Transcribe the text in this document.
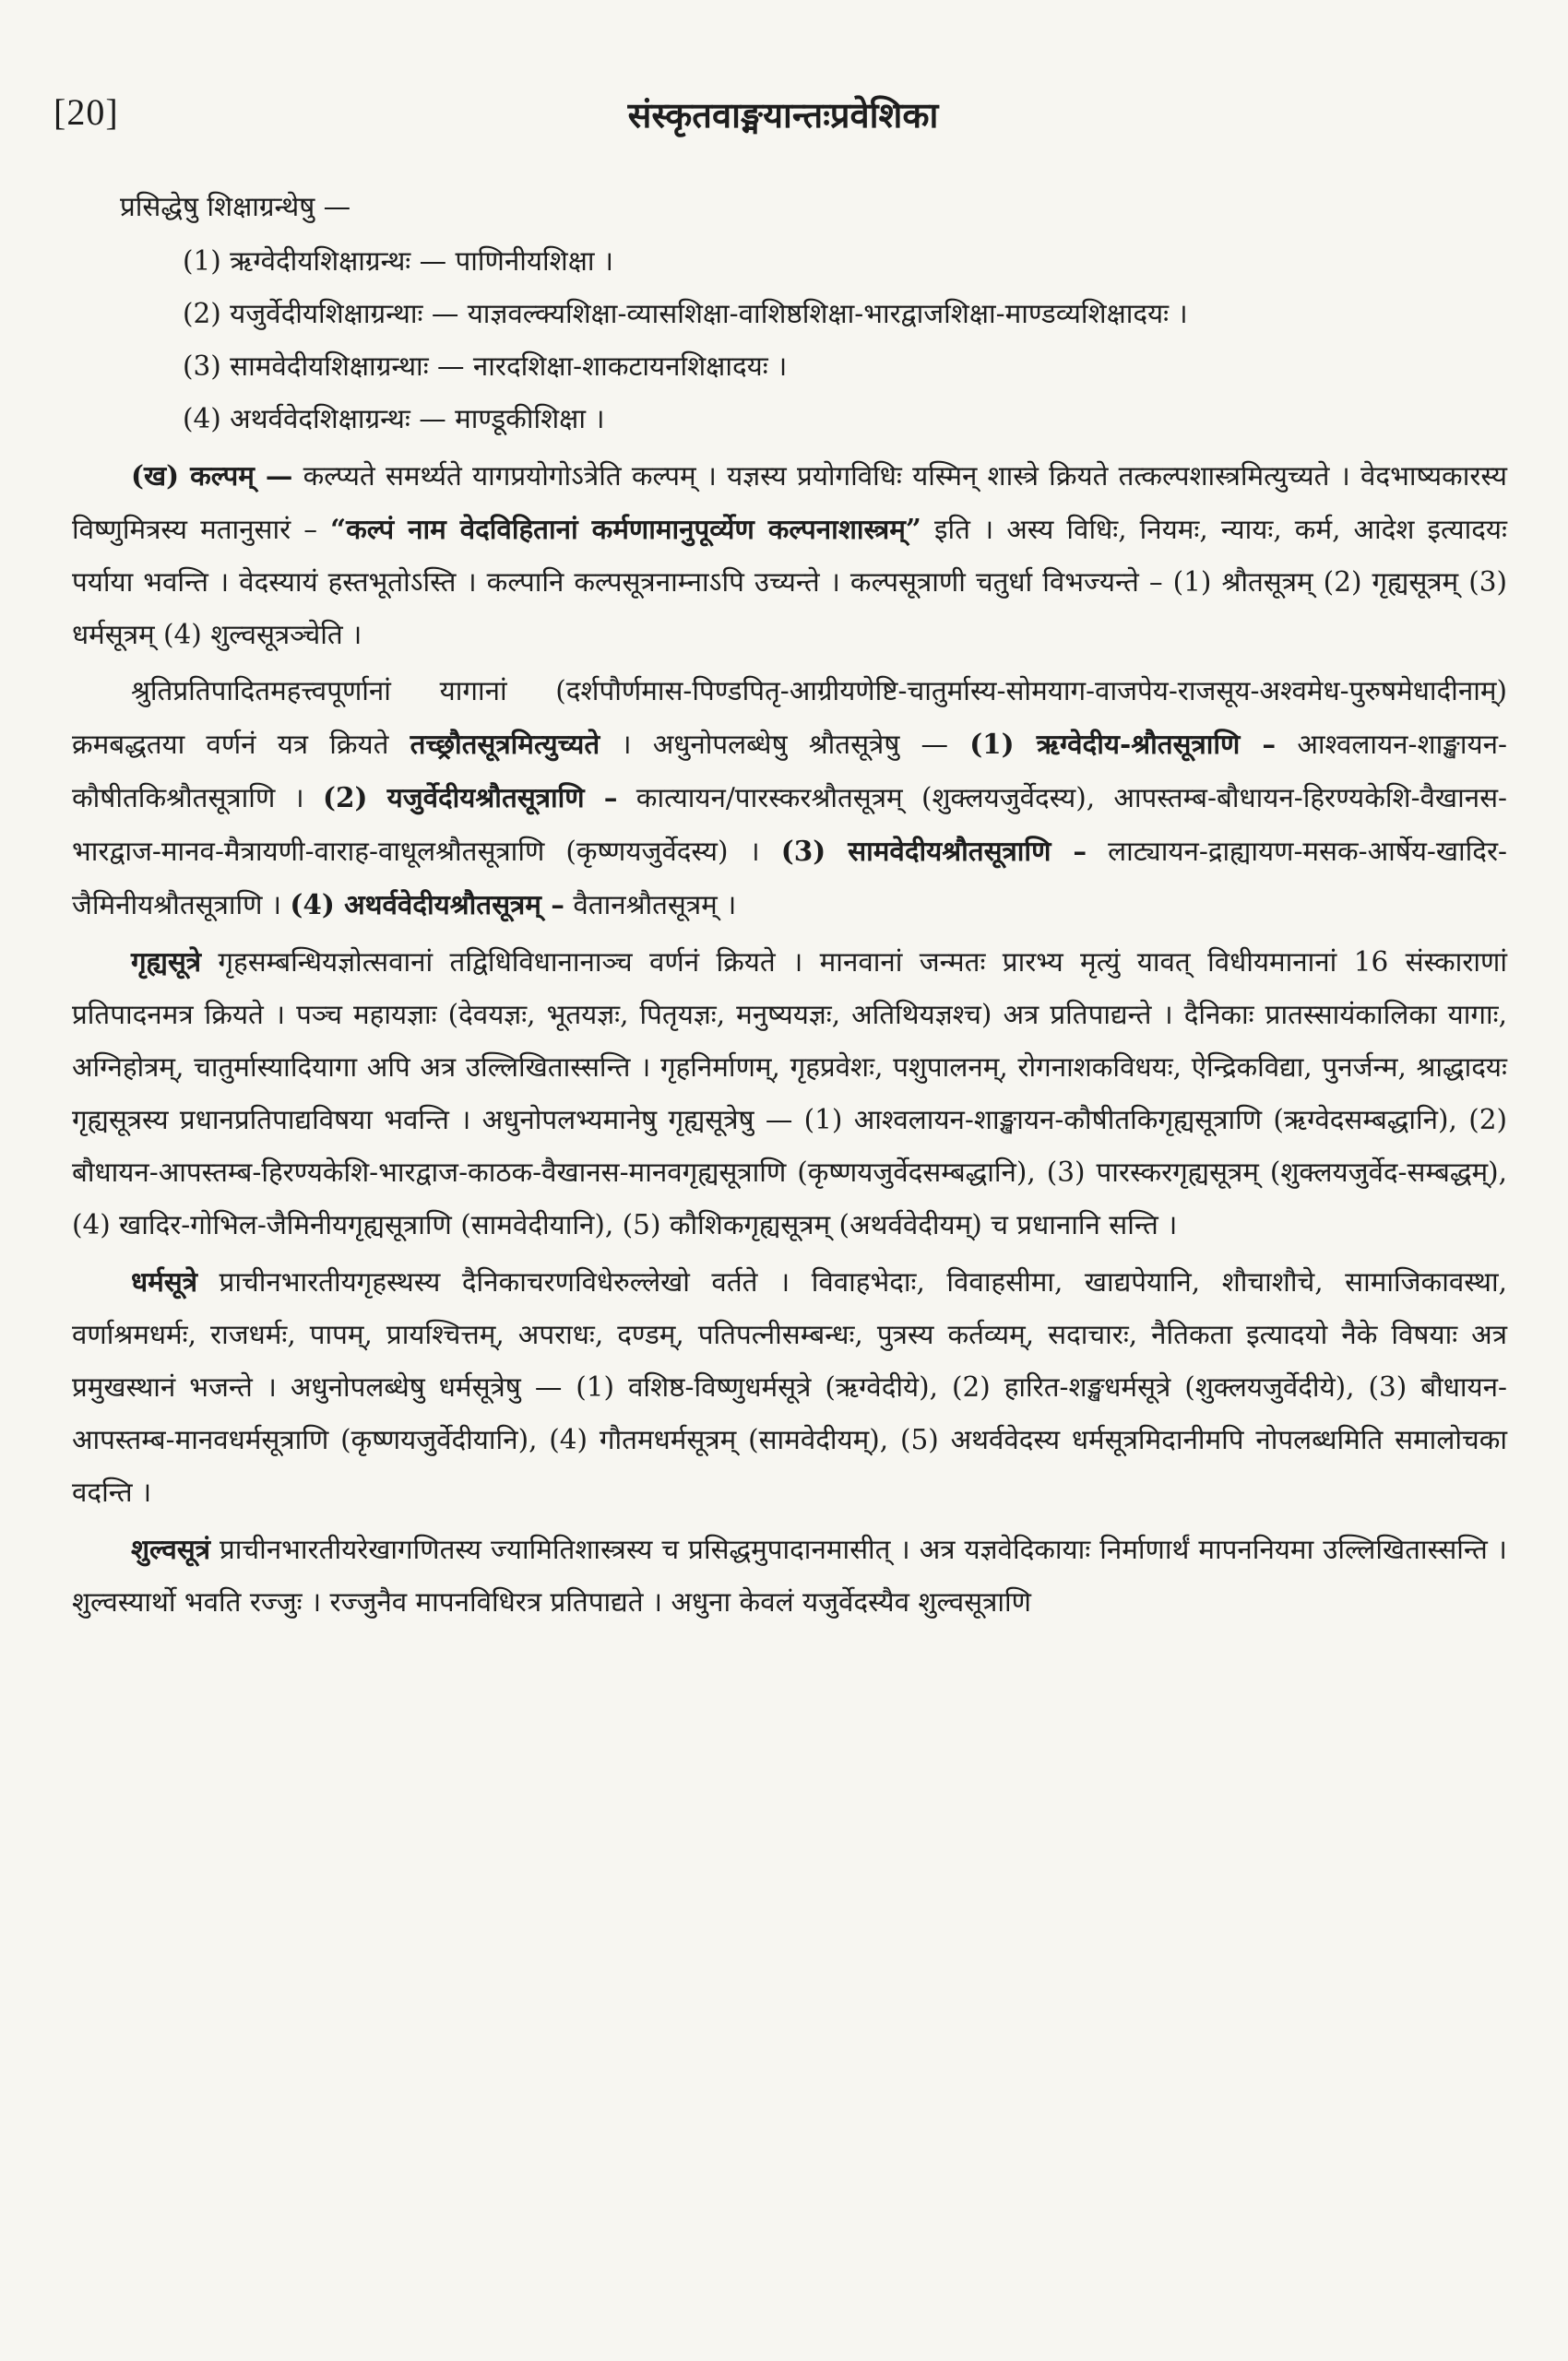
[20]	संस्कृतवाङ्मयान्तःप्रवेशिका

प्रसिद्धेषु शिक्षाग्रन्थेषु —

(1) ऋग्वेदीयशिक्षाग्रन्थः — पाणिनीयशिक्षा ।

(2) यजुर्वेदीयशिक्षाग्रन्थाः — याज्ञवल्क्यशिक्षा-व्यासशिक्षा-वाशिष्ठशिक्षा-भारद्वाजशिक्षा-माण्डव्यशिक्षादयः ।

(3) सामवेदीयशिक्षाग्रन्थाः — नारदशिक्षा-शाकटायनशिक्षादयः ।

(4) अथर्ववेदशिक्षाग्रन्थः — माण्डूकीशिक्षा ।

(ख) कल्पम् — कल्प्यते समर्थ्यते यागप्रयोगोऽत्रेति कल्पम् । यज्ञस्य प्रयोगविधिः यस्मिन् शास्त्रे क्रियते तत्कल्पशास्त्रमित्युच्यते । वेदभाष्यकारस्य विष्णुमित्रस्य मतानुसारं – “कल्पं नाम वेदविहितानां कर्मणामानुपूर्व्येण कल्पनाशास्त्रम्” इति । अस्य विधिः, नियमः, न्यायः, कर्म, आदेश इत्यादयः पर्याया भवन्ति । वेदस्यायं हस्तभूतोऽस्ति । कल्पानि कल्पसूत्रनाम्नाऽपि उच्यन्ते । कल्पसूत्राणी चतुर्धा विभज्यन्ते – (1) श्रौतसूत्रम् (2) गृह्यसूत्रम् (3) धर्मसूत्रम् (4) शुल्वसूत्रञ्चेति ।

श्रुतिप्रतिपादितमहत्त्वपूर्णानां यागानां (दर्शपौर्णमास-पिण्डपितृ-आग्रीयणेष्टि-चातुर्मास्य-सोमयाग-वाजपेय-राजसूय-अश्वमेध-पुरुषमेधादीनाम्) क्रमबद्धतया वर्णनं यत्र क्रियते तच्छ्रौतसूत्रमित्युच्यते । अधुनोपलब्धेषु श्रौतसूत्रेषु — (1) ऋग्वेदीय-श्रौतसूत्राणि – आश्वलायन-शाङ्खायन-कौषीतकिश्रौतसूत्राणि । (2) यजुर्वेदीयश्रौतसूत्राणि – कात्यायन/पारस्करश्रौतसूत्रम् (शुक्लयजुर्वेदस्य), आपस्तम्ब-बौधायन-हिरण्यकेशि-वैखानस-भारद्वाज-मानव-मैत्रायणी-वाराह-वाधूलश्रौतसूत्राणि (कृष्णयजुर्वेदस्य) । (3) सामवेदीयश्रौतसूत्राणि – लाट्यायन-द्राह्यायण-मसक-आर्षेय-खादिर-जैमिनीयश्रौतसूत्राणि । (4) अथर्ववेदीयश्रौतसूत्रम् – वैतानश्रौतसूत्रम् ।

गृह्यसूत्रे गृहसम्बन्धियज्ञोत्सवानां तद्विधिविधानानाञ्च वर्णनं क्रियते । मानवानां जन्मतः प्रारभ्य मृत्युं यावत् विधीयमानानां 16 संस्काराणां प्रतिपादनमत्र क्रियते । पञ्च महायज्ञाः (देवयज्ञः, भूतयज्ञः, पितृयज्ञः, मनुष्ययज्ञः, अतिथियज्ञश्च) अत्र प्रतिपाद्यन्ते । दैनिकाः प्रातस्सायंकालिका यागाः, अग्निहोत्रम्, चातुर्मास्यादियागा अपि अत्र उल्लिखितास्सन्ति । गृहनिर्माणम्, गृहप्रवेशः, पशुपालनम्, रोगनाशकविधयः, ऐन्द्रिकविद्या, पुनर्जन्म, श्राद्धादयः गृह्यसूत्रस्य प्रधानप्रतिपाद्यविषया भवन्ति । अधुनोपलभ्यमानेषु गृह्यसूत्रेषु — (1) आश्वलायन-शाङ्खायन-कौषीतकिगृह्यसूत्राणि (ऋग्वेदसम्बद्धानि), (2) बौधायन-आपस्तम्ब-हिरण्यकेशि-भारद्वाज-काठक-वैखानस-मानवगृह्यसूत्राणि (कृष्णयजुर्वेदसम्बद्धानि), (3) पारस्करगृह्यसूत्रम् (शुक्लयजुर्वेद-सम्बद्धम्), (4) खादिर-गोभिल-जैमिनीयगृह्यसूत्राणि (सामवेदीयानि), (5) कौशिकगृह्यसूत्रम् (अथर्ववेदीयम्) च प्रधानानि सन्ति ।

धर्मसूत्रे प्राचीनभारतीयगृहस्थस्य दैनिकाचरणविधेरुल्लेखो वर्तते । विवाहभेदाः, विवाहसीमा, खाद्यपेयानि, शौचाशौचे, सामाजिकावस्था, वर्णाश्रमधर्मः, राजधर्मः, पापम्, प्रायश्चित्तम्, अपराधः, दण्डम्, पतिपत्नीसम्बन्धः, पुत्रस्य कर्तव्यम्, सदाचारः, नैतिकता इत्यादयो नैके विषयाः अत्र प्रमुखस्थानं भजन्ते । अधुनोपलब्धेषु धर्मसूत्रेषु — (1) वशिष्ठ-विष्णुधर्मसूत्रे (ऋग्वेदीये), (2) हारित-शङ्खधर्मसूत्रे (शुक्लयजुर्वेदीये), (3) बौधायन-आपस्तम्ब-मानवधर्मसूत्राणि (कृष्णयजुर्वेदीयानि), (4) गौतमधर्मसूत्रम् (सामवेदीयम्), (5) अथर्ववेदस्य धर्मसूत्रमिदानीमपि नोपलब्धमिति समालोचका वदन्ति ।

शुल्वसूत्रं प्राचीनभारतीयरेखागणितस्य ज्यामितिशास्त्रस्य च प्रसिद्धमुपादानमासीत् । अत्र यज्ञवेदिकायाः निर्माणार्थं मापननियमा उल्लिखितास्सन्ति । शुल्वस्यार्थो भवति रज्जुः । रज्जुनैव मापनविधिरत्र प्रतिपाद्यते । अधुना केवलं यजुर्वेदस्यैव शुल्वसूत्राणि
